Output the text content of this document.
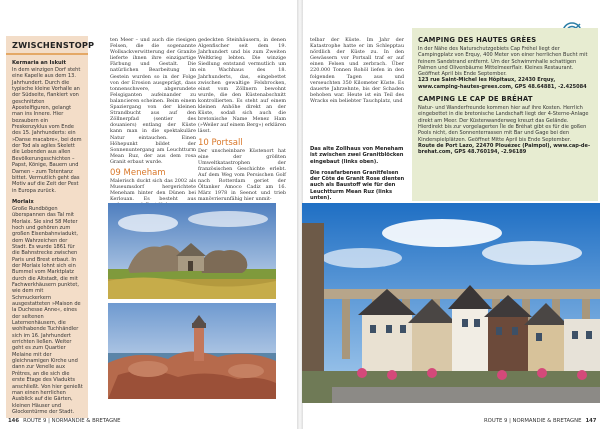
ZWISCHENSTOPP
Kermaria an Iskuit
In dem winzigen Dorf steht eine Kapelle aus dem 13. Jahrhundert. Durch die typische kleine Vorhalle an der Südseite, flankiert von geschnitzten Apostelfiguren, gelangt man ins Innere. Hier bezaubern ein Freskenzyklus vom Ende des 15. Jahrhunderts: ein »Danse macabre«, bei dem der Tod als agiles Skelett die Lebenden aus allen Bevölkerungsschichten – Papst, Könige, Bauern und Damen – zum Totentanz bittet. Vermutlich geht das Motiv auf die Zeit der Pest in Europa zurück.
Morlaix
Große Rundbögen überspannen das Tal mit Morlaix. Sie sind 58 Meter hoch und gehören zum großen Eisenbahnviadukt, dem Wahrzeichen der Stadt. Es wurde 1861 für die Bahnstrecke zwischen Paris und Brest erbaut. In der Morlaix lohnt sich ein Bummel vom Marktplatz durch die Altstadt, die mit Fachwerkhäusern punktet, wie dem mit Schmuckerkern ausgestatteten »Maison de la Duchesse Anne«, eines der seltenen Laternenhäusern, die wohlhabende Tuchhändler sich im 16. Jahrhundert errichten ließen. Weiter geht es zum Quartier Melaine mit der gleichnamigen Kirche und dann zur Venelle aux Prêtres, an die sich die erste Etage des Viadukts anschließt. Von hier genießt man einen herrlichen Ausblick auf die Gärten, kleinen Häuser und Glockentürme der Stadt.

ten Meer – und auch die riesigen Felsen, die die sogenannte Wollsackverwitterung der Granite lieferte ihnen ihre einzigartige Färbung und Gestalt. Die natürlichen Bearbeitung im Gestein wurden so in der Folge von der Erosion ausgeprägt, dass tonnenschwere, abgerundete Felsgiganten aufeinander zu balancieren scheinen. Beim einem Spaziergang von der kleinen Strandbucht aus auf den Zöllnerpfad (sentier des douaniers) entlang der Küste kann man in die spektakuläre Natur eintauchen. Einen Höhepunkt bildet der Sonnenuntergang am Leuchtturm Mean Ruz, der aus dem rosa Granit erbaut wurde.

09 Meneham

Malerisch duckt sich das 2002 als Museumsdorf hergerichtete Meneham hinter den Dünen bei Kerlouan. Es besteht aus

gedeckten Steinhäusern, in denen Algenfischer seit dem 19. Jahrhundert und bis zum Zweiten Weltkrieg lebten. Die winzige Siedlung entstand vermutlich um ein Wachhaus des 18. Jahrhunderts, das, eingebettet zwischen gewaltige Felsbrocken, einst vom Zöllnern bewohnt wurde, die den Küstenabschnitt kontrollierten. Es steht auf einem kleinen Anhöhe direkt an der Küste, sodaß sich auch die bretonische Name Menez Ham (»Weiler auf einem Berg«) erklären lässt.

10 Portsall

Der unscheinbare Küstenort hat eine der größten Umweltkatastrophen der französischen Geschichte erlebt. Auf dem Weg vom Persischen Golf nach Rotterdam geriet der Öltanker Amoco Cadiz am 16. März 1978 in Seenot und trieb manövrierunfähig hier unmit-

146 ROUTE 9 | NORMANDIE & BRETAGNE

telbar der Küste. Im Jahr der Katastrophe hatte er im Schlepptau nördlich der Küste zu. In den Gewässern vor Portsall traf er auf einen Felsen und zerbrach. Über 220.000 Tonnen Rohöl liefen in den folgenden Tagen aus und verseuchten 350 Kilometer Küste. Es dauerte Jahrzehnte, bis der Schaden behoben war. Heute ist ein Teil des Wracks ein beliebter Tauchplatz, und

Das alte Zollhaus von Meneham ist zwischen zwei Granitblöcken eingebaut (links oben).

Die rosafarbenen Granitfelsen der Côte de Granit Rose dienten auch als Baustoff wie für den Leuchtturm Mean Ruz (links unten).

CAMPING DES HAUTES GRÈES
In der Nähe des Naturschutzgebiets Cap Fréhel liegt der Campingplatz von Erquy, 400 Meter von einer herrlichen Bucht mit feinem Sandstrand entfernt. Um der Schwimmhalle schattigen Palmen und Olivenbäume Mittelmeerflair. Kleines Restaurant. Geöffnet April bis Ende September.
123 rue Saint-Michel les Hôpitaux, 22430 Erquy, www.camping-hautes-grees.com, GPS 48.64881, -2.425084
CAMPING LE CAP DE BRÉHAT
Natur- und Wanderfreunde kommen hier auf ihre Kosten. Herrlich eingebettet in die bretonische Landschaft liegt der 4-Sterne-Anlage direkt am Meer. Der Küstenwanderweg kreuzt das Gelände. Hierdirekt bis zur vorgelagerten Île de Bréhat gibt es für die goßen Pools nicht, den Sonnenterrassen mit Bar und Gage bei den Kinderspielplätzen. Geöffnet Mitte April bis Ende September.
Route de Port Lazo, 22470 Plouézec (Paimpol), www.cap-de-brehat.com, GPS 48.760194, -2.96189
ROUTE 9 | NORMANDIE & BRETAGNE 147
